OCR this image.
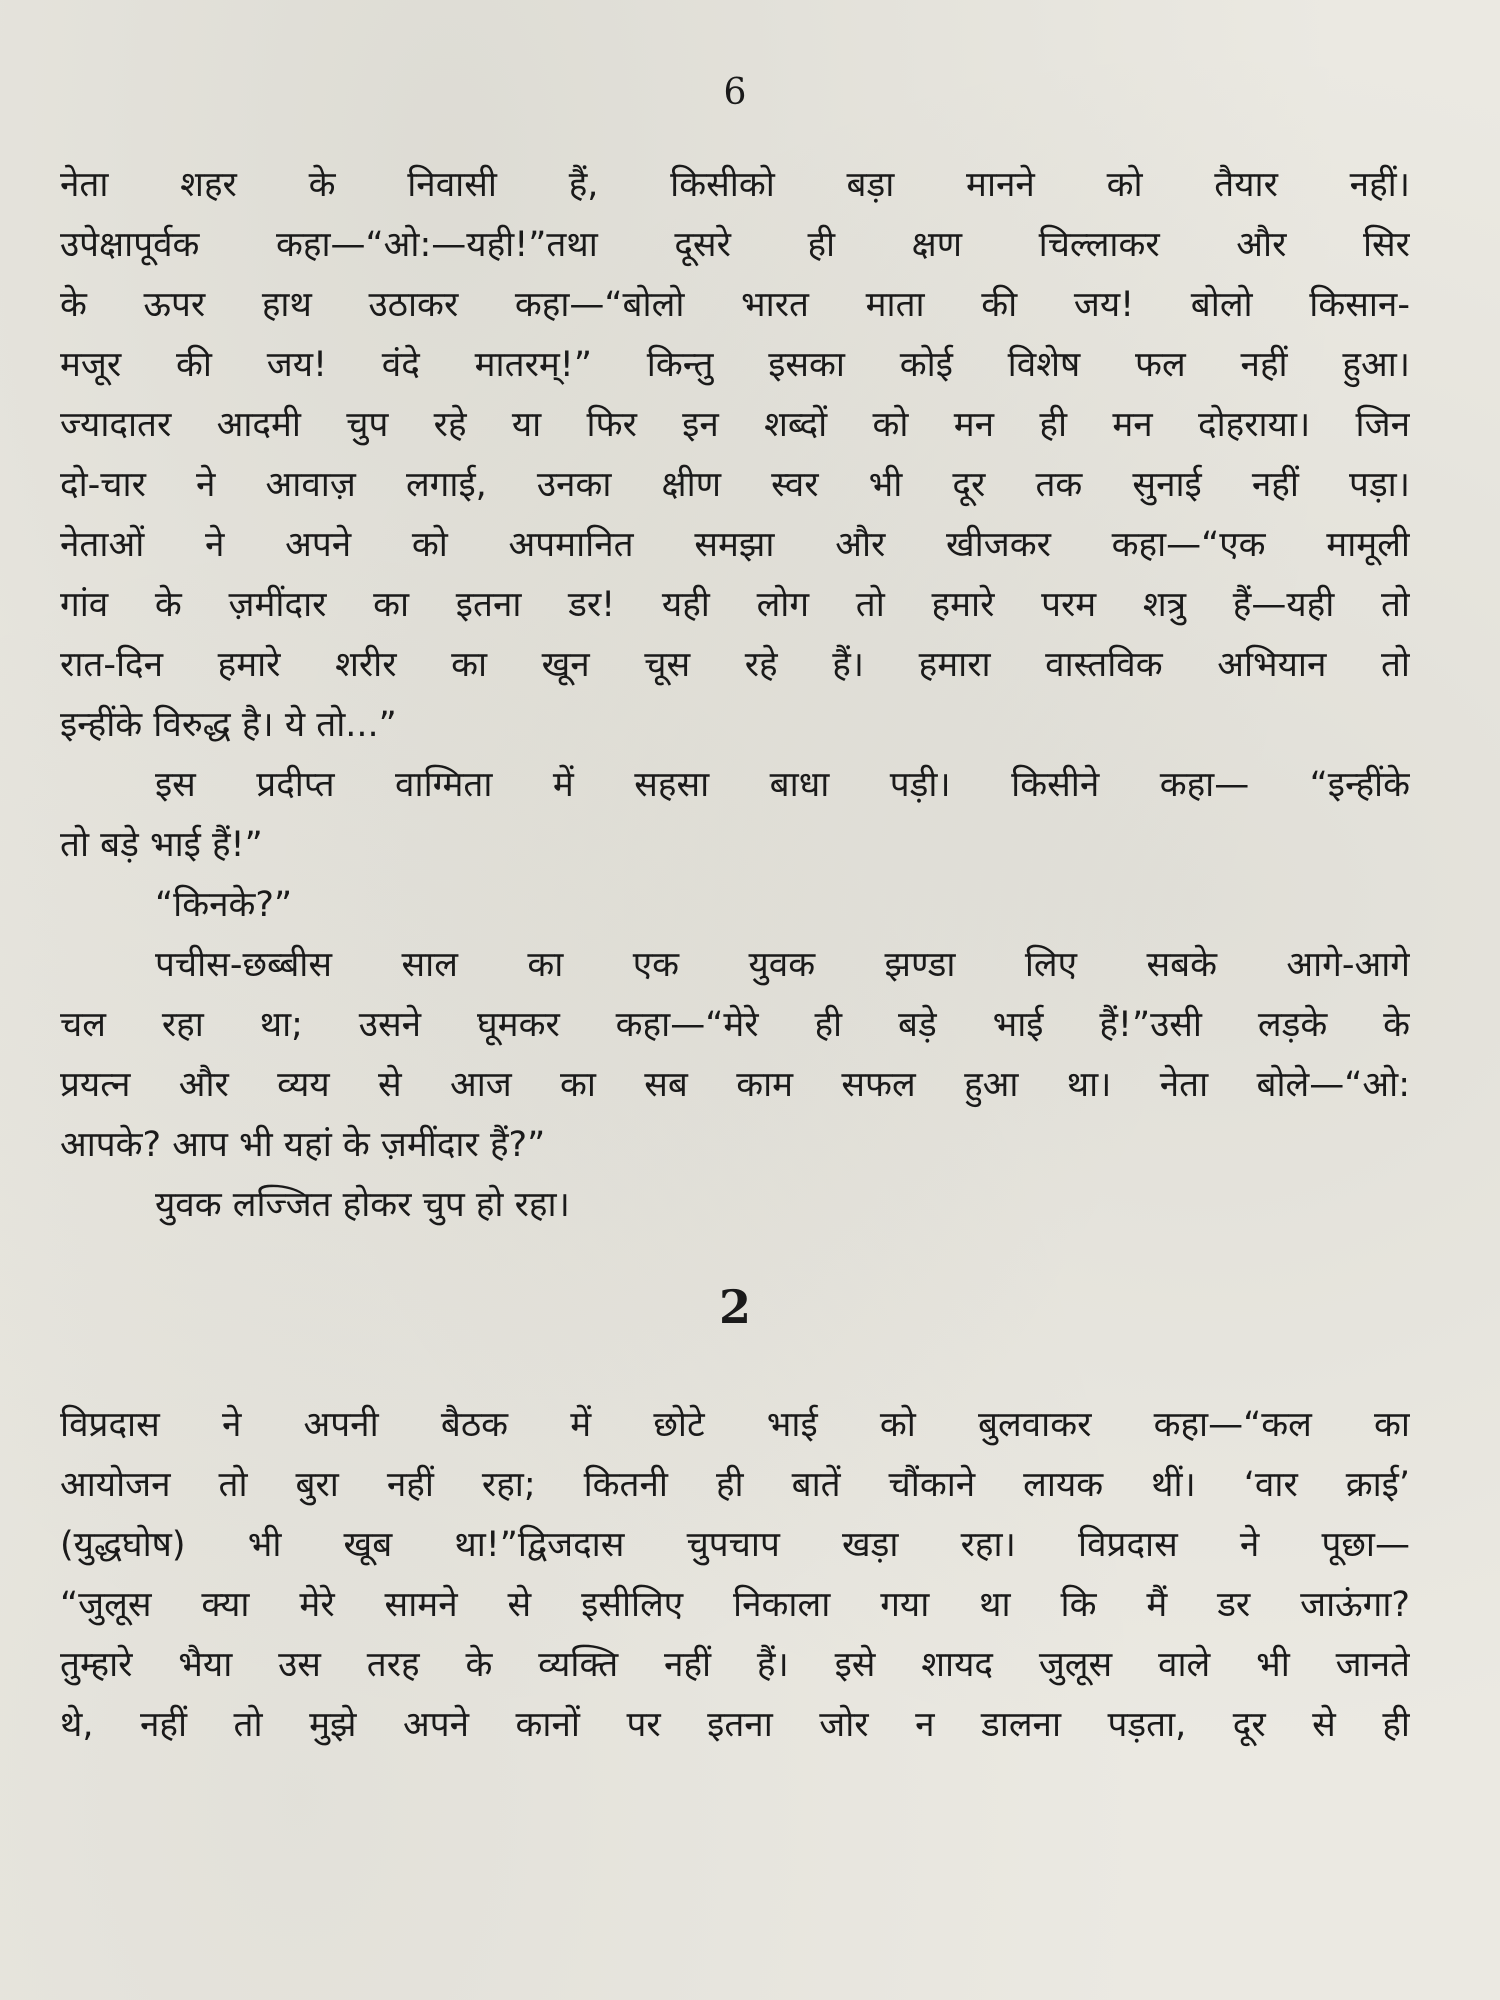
6
नेता शहर के निवासी हैं, किसीको बड़ा मानने को तैयार नहीं।
उपेक्षापूर्वक कहा—“ओ:—यही!”तथा दूसरे ही क्षण चिल्लाकर और सिर
के ऊपर हाथ उठाकर कहा—“बोलो भारत माता की जय! बोलो किसान-
मजूर की जय! वंदे मातरम्!” किन्तु इसका कोई विशेष फल नहीं हुआ।
ज्यादातर आदमी चुप रहे या फिर इन शब्दों को मन ही मन दोहराया। जिन
दो-चार ने आवाज़ लगाई, उनका क्षीण स्वर भी दूर तक सुनाई नहीं पड़ा।
नेताओं ने अपने को अपमानित समझा और खीजकर कहा—“एक मामूली
गांव के ज़मींदार का इतना डर! यही लोग तो हमारे परम शत्रु हैं—यही तो
रात-दिन हमारे शरीर का खून चूस रहे हैं। हमारा वास्तविक अभियान तो
इन्हींके विरुद्ध है। ये तो...”
इस प्रदीप्त वाग्मिता में सहसा बाधा पड़ी। किसीने कहा— “इन्हींके
तो बड़े भाई हैं!”
“किनके?”
पचीस-छब्बीस साल का एक युवक झण्डा लिए सबके आगे-आगे
चल रहा था; उसने घूमकर कहा—“मेरे ही बड़े भाई हैं!”उसी लड़के के
प्रयत्न और व्यय से आज का सब काम सफल हुआ था। नेता बोले—“ओ:
आपके? आप भी यहां के ज़मींदार हैं?”
युवक लज्जित होकर चुप हो रहा।
2
विप्रदास ने अपनी बैठक में छोटे भाई को बुलवाकर कहा—“कल का
आयोजन तो बुरा नहीं रहा; कितनी ही बातें चौंकाने लायक थीं। ‘वार क्राई’
(युद्धघोष) भी खूब था!”द्विजदास चुपचाप खड़ा रहा। विप्रदास ने पूछा—
“जुलूस क्या मेरे सामने से इसीलिए निकाला गया था कि मैं डर जाऊंगा?
तुम्हारे भैया उस तरह के व्यक्ति नहीं हैं। इसे शायद जुलूस वाले भी जानते
थे, नहीं तो मुझे अपने कानों पर इतना जोर न डालना पड़ता, दूर से ही
